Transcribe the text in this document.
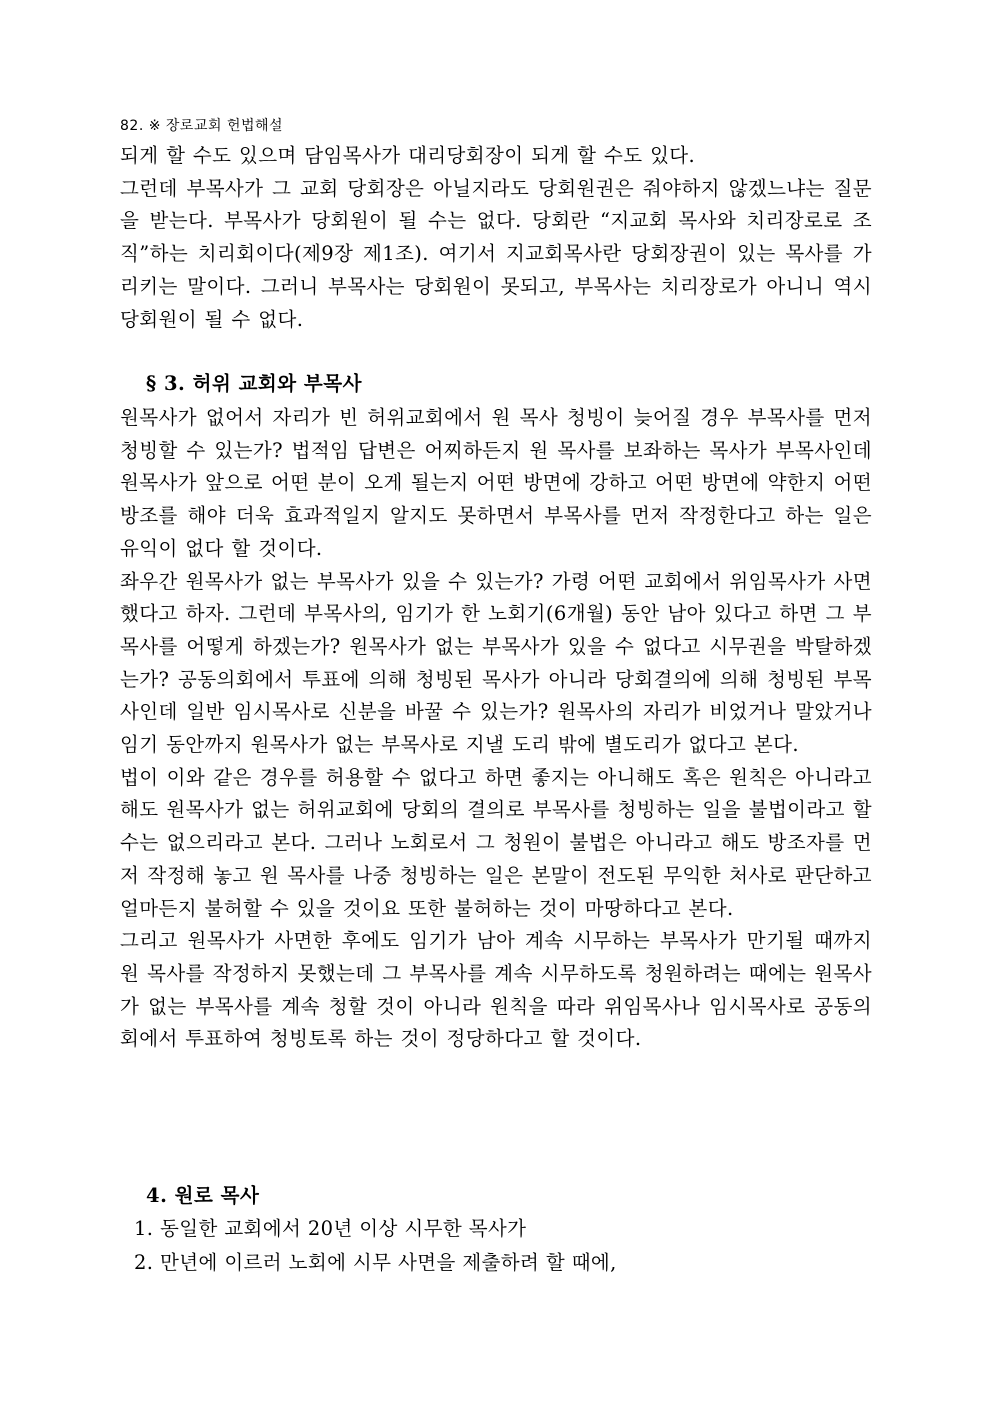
82. ※ 장로교회 헌법해설

되게 할 수도 있으며 담임목사가 대리당회장이 되게 할 수도 있다.

그런데 부목사가 그 교회 당회장은 아닐지라도 당회원권은 줘야하지 않겠느냐는 질문을 받는다. 부목사가 당회원이 될 수는 없다. 당회란 “지교회 목사와 치리장로로 조직”하는 치리회이다(제9장 제1조). 여기서 지교회목사란 당회장권이 있는 목사를 가리키는 말이다. 그러니 부목사는 당회원이 못되고, 부목사는 치리장로가 아니니 역시 당회원이 될 수 없다.

§ 3. 허위 교회와 부목사

원목사가 없어서 자리가 빈 허위교회에서 원 목사 청빙이 늦어질 경우 부목사를 먼저 청빙할 수 있는가? 법적임 답변은 어찌하든지 원 목사를 보좌하는 목사가 부목사인데 원목사가 앞으로 어떤 분이 오게 될는지 어떤 방면에 강하고 어떤 방면에 약한지 어떤 방조를 해야 더욱 효과적일지 알지도 못하면서 부목사를 먼저 작정한다고 하는 일은 유익이 없다 할 것이다.

좌우간 원목사가 없는 부목사가 있을 수 있는가? 가령 어떤 교회에서 위임목사가 사면했다고 하자. 그런데 부목사의, 임기가 한 노회기(6개월) 동안 남아 있다고 하면 그 부목사를 어떻게 하겠는가? 원목사가 없는 부목사가 있을 수 없다고 시무권을 박탈하겠는가? 공동의회에서 투표에 의해 청빙된 목사가 아니라 당회결의에 의해 청빙된 부목사인데 일반 임시목사로 신분을 바꿀 수 있는가? 원목사의 자리가 비었거나 말았거나 임기 동안까지 원목사가 없는 부목사로 지낼 도리 밖에 별도리가 없다고 본다.

법이 이와 같은 경우를 허용할 수 없다고 하면 좋지는 아니해도 혹은 원칙은 아니라고 해도 원목사가 없는 허위교회에 당회의 결의로 부목사를 청빙하는 일을 불법이라고 할 수는 없으리라고 본다. 그러나 노회로서 그 청원이 불법은 아니라고 해도 방조자를 먼저 작정해 놓고 원 목사를 나중 청빙하는 일은 본말이 전도된 무익한 처사로 판단하고 얼마든지 불허할 수 있을 것이요 또한 불허하는 것이 마땅하다고 본다.

그리고 원목사가 사면한 후에도 임기가 남아 계속 시무하는 부목사가 만기될 때까지 원 목사를 작정하지 못했는데 그 부목사를 계속 시무하도록 청원하려는 때에는 원목사가 없는 부목사를 계속 청할 것이 아니라 원칙을 따라 위임목사나 임시목사로 공동의회에서 투표하여 청빙토록 하는 것이 정당하다고 할 것이다.

4. 원로 목사
1. 동일한 교회에서 20년 이상 시무한 목사가
2. 만년에 이르러 노회에 시무 사면을 제출하려 할 때에,
